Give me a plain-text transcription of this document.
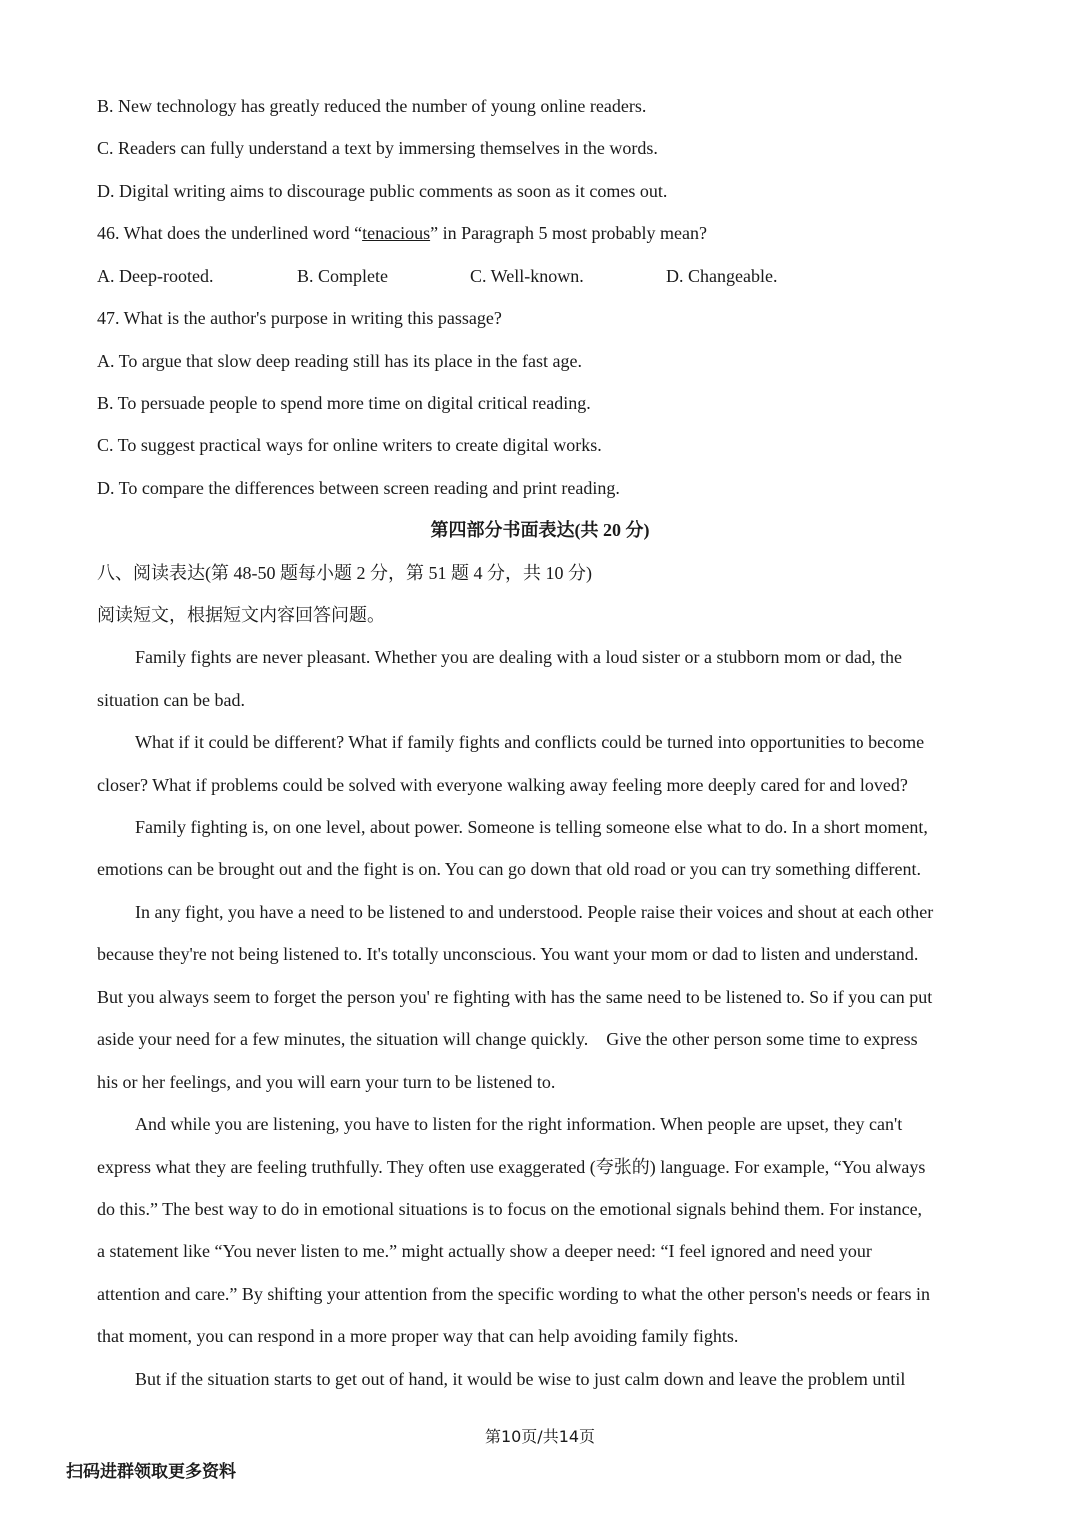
B. New technology has greatly reduced the number of young online readers.
C. Readers can fully understand a text by immersing themselves in the words.
D. Digital writing aims to discourage public comments as soon as it comes out.
46. What does the underlined word “tenacious” in Paragraph 5 most probably mean?
A. Deep-rooted.	B. Complete	C. Well-known.	D. Changeable.
47. What is the author's purpose in writing this passage?
A. To argue that slow deep reading still has its place in the fast age.
B. To persuade people to spend more time on digital critical reading.
C. To suggest practical ways for online writers to create digital works.
D. To compare the differences between screen reading and print reading.
第四部分书面表达(共 20 分)
八、阅读表达(第 48-50 题每小题 2 分，第 51 题 4 分，共 10 分)
阅读短文，根据短文内容回答问题。
Family fights are never pleasant. Whether you are dealing with a loud sister or a stubborn mom or dad, the
situation can be bad.
What if it could be different? What if family fights and conflicts could be turned into opportunities to become
closer? What if problems could be solved with everyone walking away feeling more deeply cared for and loved?
Family fighting is, on one level, about power. Someone is telling someone else what to do. In a short moment,
emotions can be brought out and the fight is on. You can go down that old road or you can try something different.
In any fight, you have a need to be listened to and understood. People raise their voices and shout at each other
because they're not being listened to. It's totally unconscious. You want your mom or dad to listen and understand.
But you always seem to forget the person you' re fighting with has the same need to be listened to. So if you can put
aside your need for a few minutes, the situation will change quickly.    Give the other person some time to express
his or her feelings, and you will earn your turn to be listened to.
And while you are listening, you have to listen for the right information. When people are upset, they can't
express what they are feeling truthfully. They often use exaggerated (夸张的) language. For example, “You always
do this.” The best way to do in emotional situations is to focus on the emotional signals behind them. For instance,
a statement like “You never listen to me.” might actually show a deeper need: “I feel ignored and need your
attention and care.” By shifting your attention from the specific wording to what the other person's needs or fears in
that moment, you can respond in a more proper way that can help avoiding family fights.
But if the situation starts to get out of hand, it would be wise to just calm down and leave the problem until
第10页/共14页
扫码进群领取更多资料
